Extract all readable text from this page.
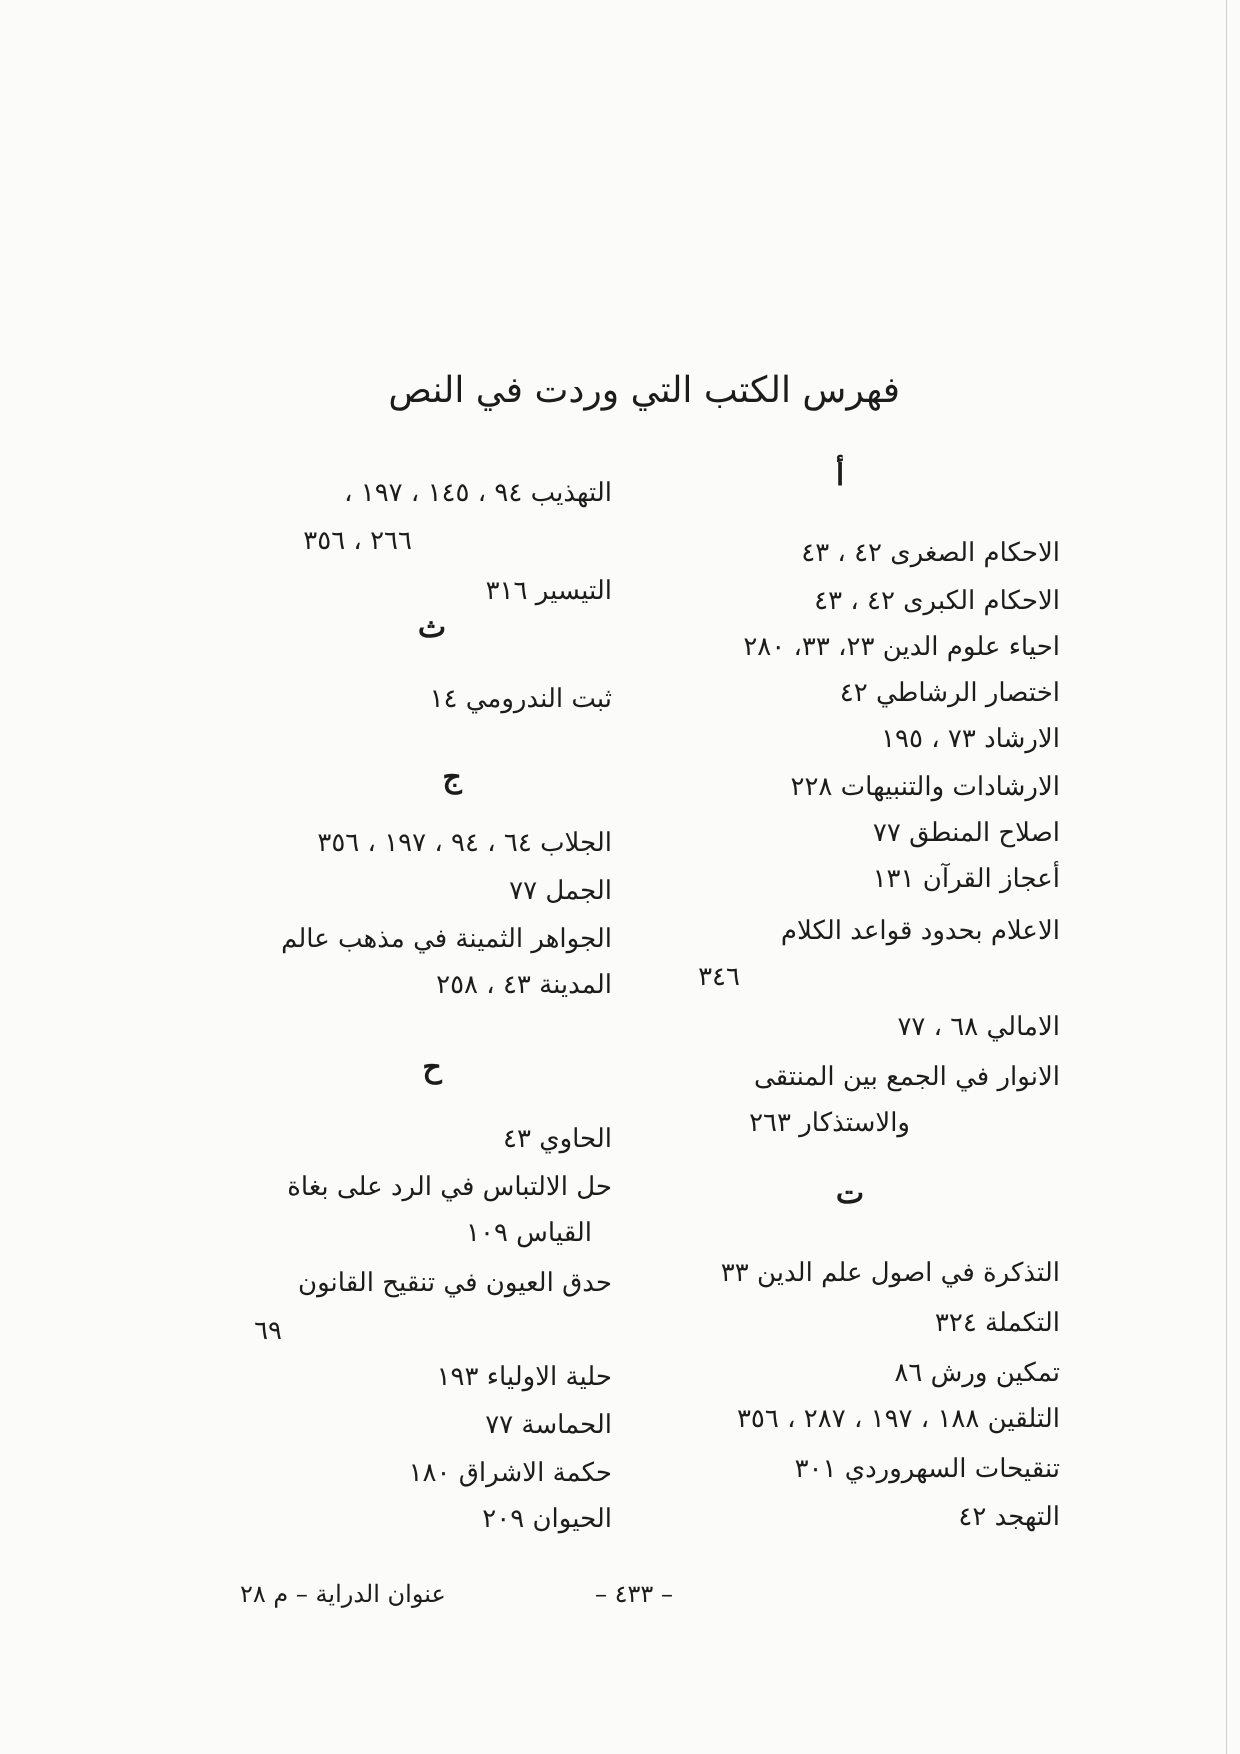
فهرس الكتب التي وردت في النص
أ
الاحكام الصغرى ٤٢ ، ٤٣
الاحكام الكبرى ٤٢ ، ٤٣
احياء علوم الدين ٢٣، ٣٣، ٢٨٠
اختصار الرشاطي ٤٢
الارشاد ٧٣ ، ١٩٥
الارشادات والتنبيهات ٢٢٨
اصلاح المنطق ٧٧
أعجاز القرآن ١٣١
الاعلام بحدود قواعد الكلام
٣٤٦
الامالي ٦٨ ، ٧٧
الانوار في الجمع بين المنتقى
والاستذكار ٢٦٣
ت
التذكرة في اصول علم الدين ٣٣
التكملة ٣٢٤
تمكين ورش ٨٦
التلقين ١٨٨ ، ١٩٧ ، ٢٨٧ ، ٣٥٦
تنقيحات السهروردي ٣٠١
التهجد ٤٢
التهذيب ٩٤ ، ١٤٥ ، ١٩٧ ،
٢٦٦ ، ٣٥٦
التيسير ٣١٦
ث
ثبت الندرومي ١٤
ج
الجلاب ٦٤ ، ٩٤ ، ١٩٧ ، ٣٥٦
الجمل ٧٧
الجواهر الثمينة في مذهب عالم
المدينة ٤٣ ، ٢٥٨
ح
الحاوي ٤٣
حل الالتباس في الرد على بغاة
القياس ١٠٩
حدق العيون في تنقيح القانون
٦٩
حلية الاولياء ١٩٣
الحماسة ٧٧
حكمة الاشراق ١٨٠
الحيوان ٢٠٩
– ٤٣٣ –
عنوان الدراية – م ٢٨
